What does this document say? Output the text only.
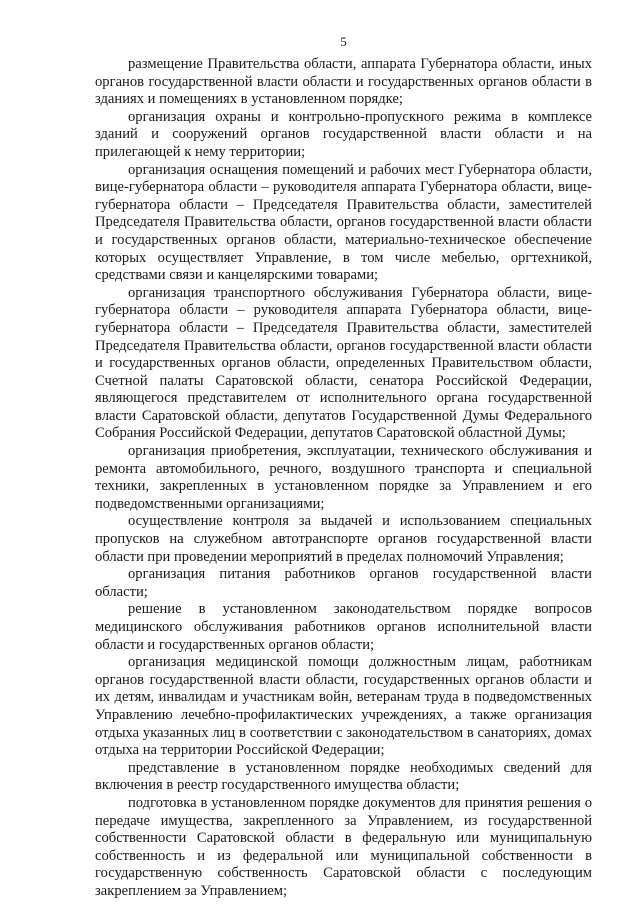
5

размещение Правительства области, аппарата Губернатора области, иных органов государственной власти области и государственных органов области в зданиях и помещениях в установленном порядке;

организация охраны и контрольно-пропускного режима в комплексе зданий и сооружений органов государственной власти области и на прилегающей к нему территории;

организация оснащения помещений и рабочих мест Губернатора области, вице-губернатора области – руководителя аппарата Губернатора области, вице-губернатора области – Председателя Правительства области, заместителей Председателя Правительства области, органов государственной власти области и государственных органов области, материально-техническое обеспечение которых осуществляет Управление, в том числе мебелью, оргтехникой, средствами связи и канцелярскими товарами;

организация транспортного обслуживания Губернатора области, вице-губернатора области – руководителя аппарата Губернатора области, вице-губернатора области – Председателя Правительства области, заместителей Председателя Правительства области, органов государственной власти области и государственных органов области, определенных Правительством области, Счетной палаты Саратовской области, сенатора Российской Федерации, являющегося представителем от исполнительного органа государственной власти Саратовской области, депутатов Государственной Думы Федерального Собрания Российской Федерации, депутатов Саратовской областной Думы;

организация приобретения, эксплуатации, технического обслуживания и ремонта автомобильного, речного, воздушного транспорта и специальной техники, закрепленных в установленном порядке за Управлением и его подведомственными организациями;

осуществление контроля за выдачей и использованием специальных пропусков на служебном автотранспорте органов государственной власти области при проведении мероприятий в пределах полномочий Управления;

организация питания работников органов государственной власти области;

решение в установленном законодательством порядке вопросов медицинского обслуживания работников органов исполнительной власти области и государственных органов области;

организация медицинской помощи должностным лицам, работникам органов государственной власти области, государственных органов области и их детям, инвалидам и участникам войн, ветеранам труда в подведомственных Управлению лечебно-профилактических учреждениях, а также организация отдыха указанных лиц в соответствии с законодательством в санаториях, домах отдыха на территории Российской Федерации;

представление в установленном порядке необходимых сведений для включения в реестр государственного имущества области;

подготовка в установленном порядке документов для принятия решения о передаче имущества, закрепленного за Управлением, из государственной собственности Саратовской области в федеральную или муниципальную собственность и из федеральной или муниципальной собственности в государственную собственность Саратовской области с последующим закреплением за Управлением;
